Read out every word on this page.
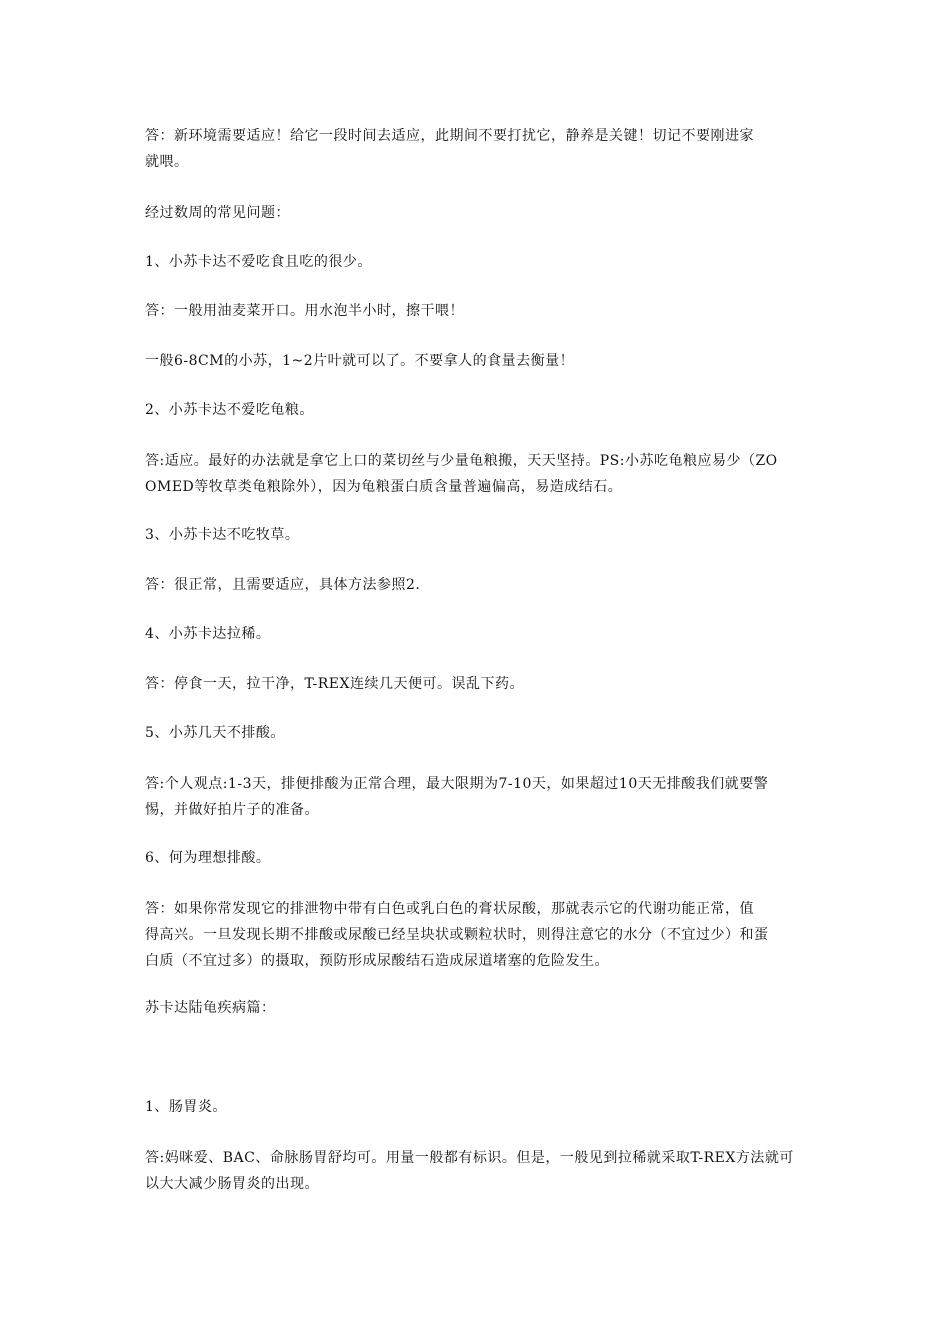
答：新环境需要适应！给它一段时间去适应，此期间不要打扰它，静养是关键！切记不要刚进家
就喂。
经过数周的常见问题：
1、小苏卡达不爱吃食且吃的很少。
答：一般用油麦菜开口。用水泡半小时，擦干喂！
一般6-8CM的小苏，1~2片叶就可以了。不要拿人的食量去衡量！
2、小苏卡达不爱吃龟粮。
答:适应。最好的办法就是拿它上口的菜切丝与少量龟粮搬，天天坚持。PS:小苏吃龟粮应易少（ZO
OMED等牧草类龟粮除外），因为龟粮蛋白质含量普遍偏高，易造成结石。
3、小苏卡达不吃牧草。
答：很正常，且需要适应，具体方法参照2.
4、小苏卡达拉稀。
答：停食一天，拉干净，T-REX连续几天便可。误乱下药。
5、小苏几天不排酸。
答:个人观点:1-3天，排便排酸为正常合理，最大限期为7-10天，如果超过10天无排酸我们就要警
惕，并做好拍片子的准备。
6、何为理想排酸。
答：如果你常发现它的排泄物中带有白色或乳白色的膏状尿酸，那就表示它的代谢功能正常，值
得高兴。一旦发现长期不排酸或尿酸已经呈块状或颗粒状时，则得注意它的水分（不宜过少）和蛋
白质（不宜过多）的摄取，预防形成尿酸结石造成尿道堵塞的危险发生。
苏卡达陆龟疾病篇：
1、肠胃炎。
答:妈咪爱、BAC、命脉肠胃舒均可。用量一般都有标识。但是，一般见到拉稀就采取T-REX方法就可
以大大减少肠胃炎的出现。
